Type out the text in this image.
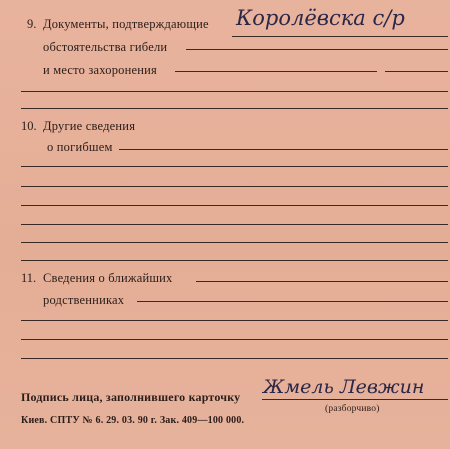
9. Документы, подтверждающие Королёвска с/р
обстоятельства гибели
и место захоронения
10. Другие сведения
о погибшем
11. Сведения о ближайших
родственниках
Подпись лица, заполнившего карточку Жмель Левжин
(разборчиво)
Киев. СПТУ № 6. 29. 03. 90 г. Зак. 409—100 000.
